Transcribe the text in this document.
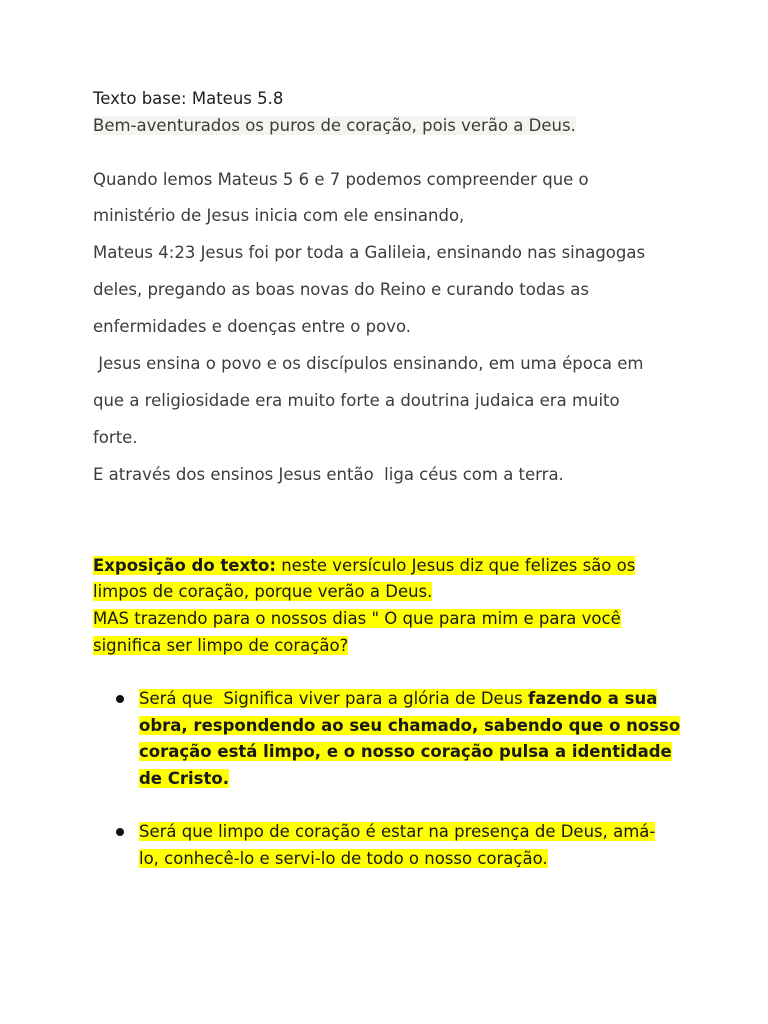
Texto base: Mateus 5.8
Bem-aventurados os puros de coração, pois verão a Deus.
Quando lemos Mateus 5 6 e 7 podemos compreender que o
ministério de Jesus inicia com ele ensinando,
Mateus 4:23 Jesus foi por toda a Galileia, ensinando nas sinagogas
deles, pregando as boas novas do Reino e curando todas as
enfermidades e doenças entre o povo.
Jesus ensina o povo e os discípulos ensinando, em uma época em
que a religiosidade era muito forte a doutrina judaica era muito
forte.
E através dos ensinos Jesus então  liga céus com a terra.
Exposição do texto: neste versículo Jesus diz que felizes são os
limpos de coração, porque verão a Deus.
MAS trazendo para o nossos dias " O que para mim e para você
significa ser limpo de coração?
Será que  Significa viver para a glória de Deus fazendo a sua
obra, respondendo ao seu chamado, sabendo que o nosso
coração está limpo, e o nosso coração pulsa a identidade
de Cristo.
Será que limpo de coração é estar na presença de Deus, amá-
lo, conhecê-lo e servi-lo de todo o nosso coração.
